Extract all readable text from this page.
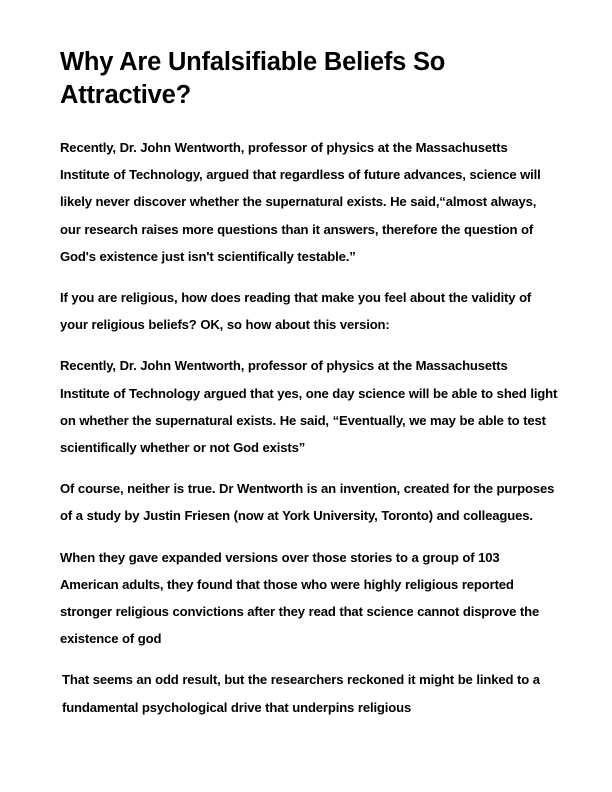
Why Are Unfalsifiable Beliefs So Attractive?

Recently, Dr. John Wentworth, professor of physics at the Massachusetts Institute of Technology, argued that regardless of future advances, science will likely never discover whether the supernatural exists. He said,“almost always, our research raises more questions than it answers, therefore the question of God's existence just isn't scientifically testable.”

If you are religious, how does reading that make you feel about the validity of your religious beliefs? OK, so how about this version:

Recently, Dr. John Wentworth, professor of physics at the Massachusetts Institute of Technology argued that yes, one day science will be able to shed light on whether the supernatural exists. He said, “Eventually, we may be able to test scientifically whether or not God exists”

Of course, neither is true. Dr Wentworth is an invention, created for the purposes of a study by Justin Friesen (now at York University, Toronto) and colleagues.

When they gave expanded versions over those stories to a group of 103 American adults, they found that those who were highly religious reported stronger religious convictions after they read that science cannot disprove the existence of god

That seems an odd result, but the researchers reckoned it might be linked to a fundamental psychological drive that underpins religious
